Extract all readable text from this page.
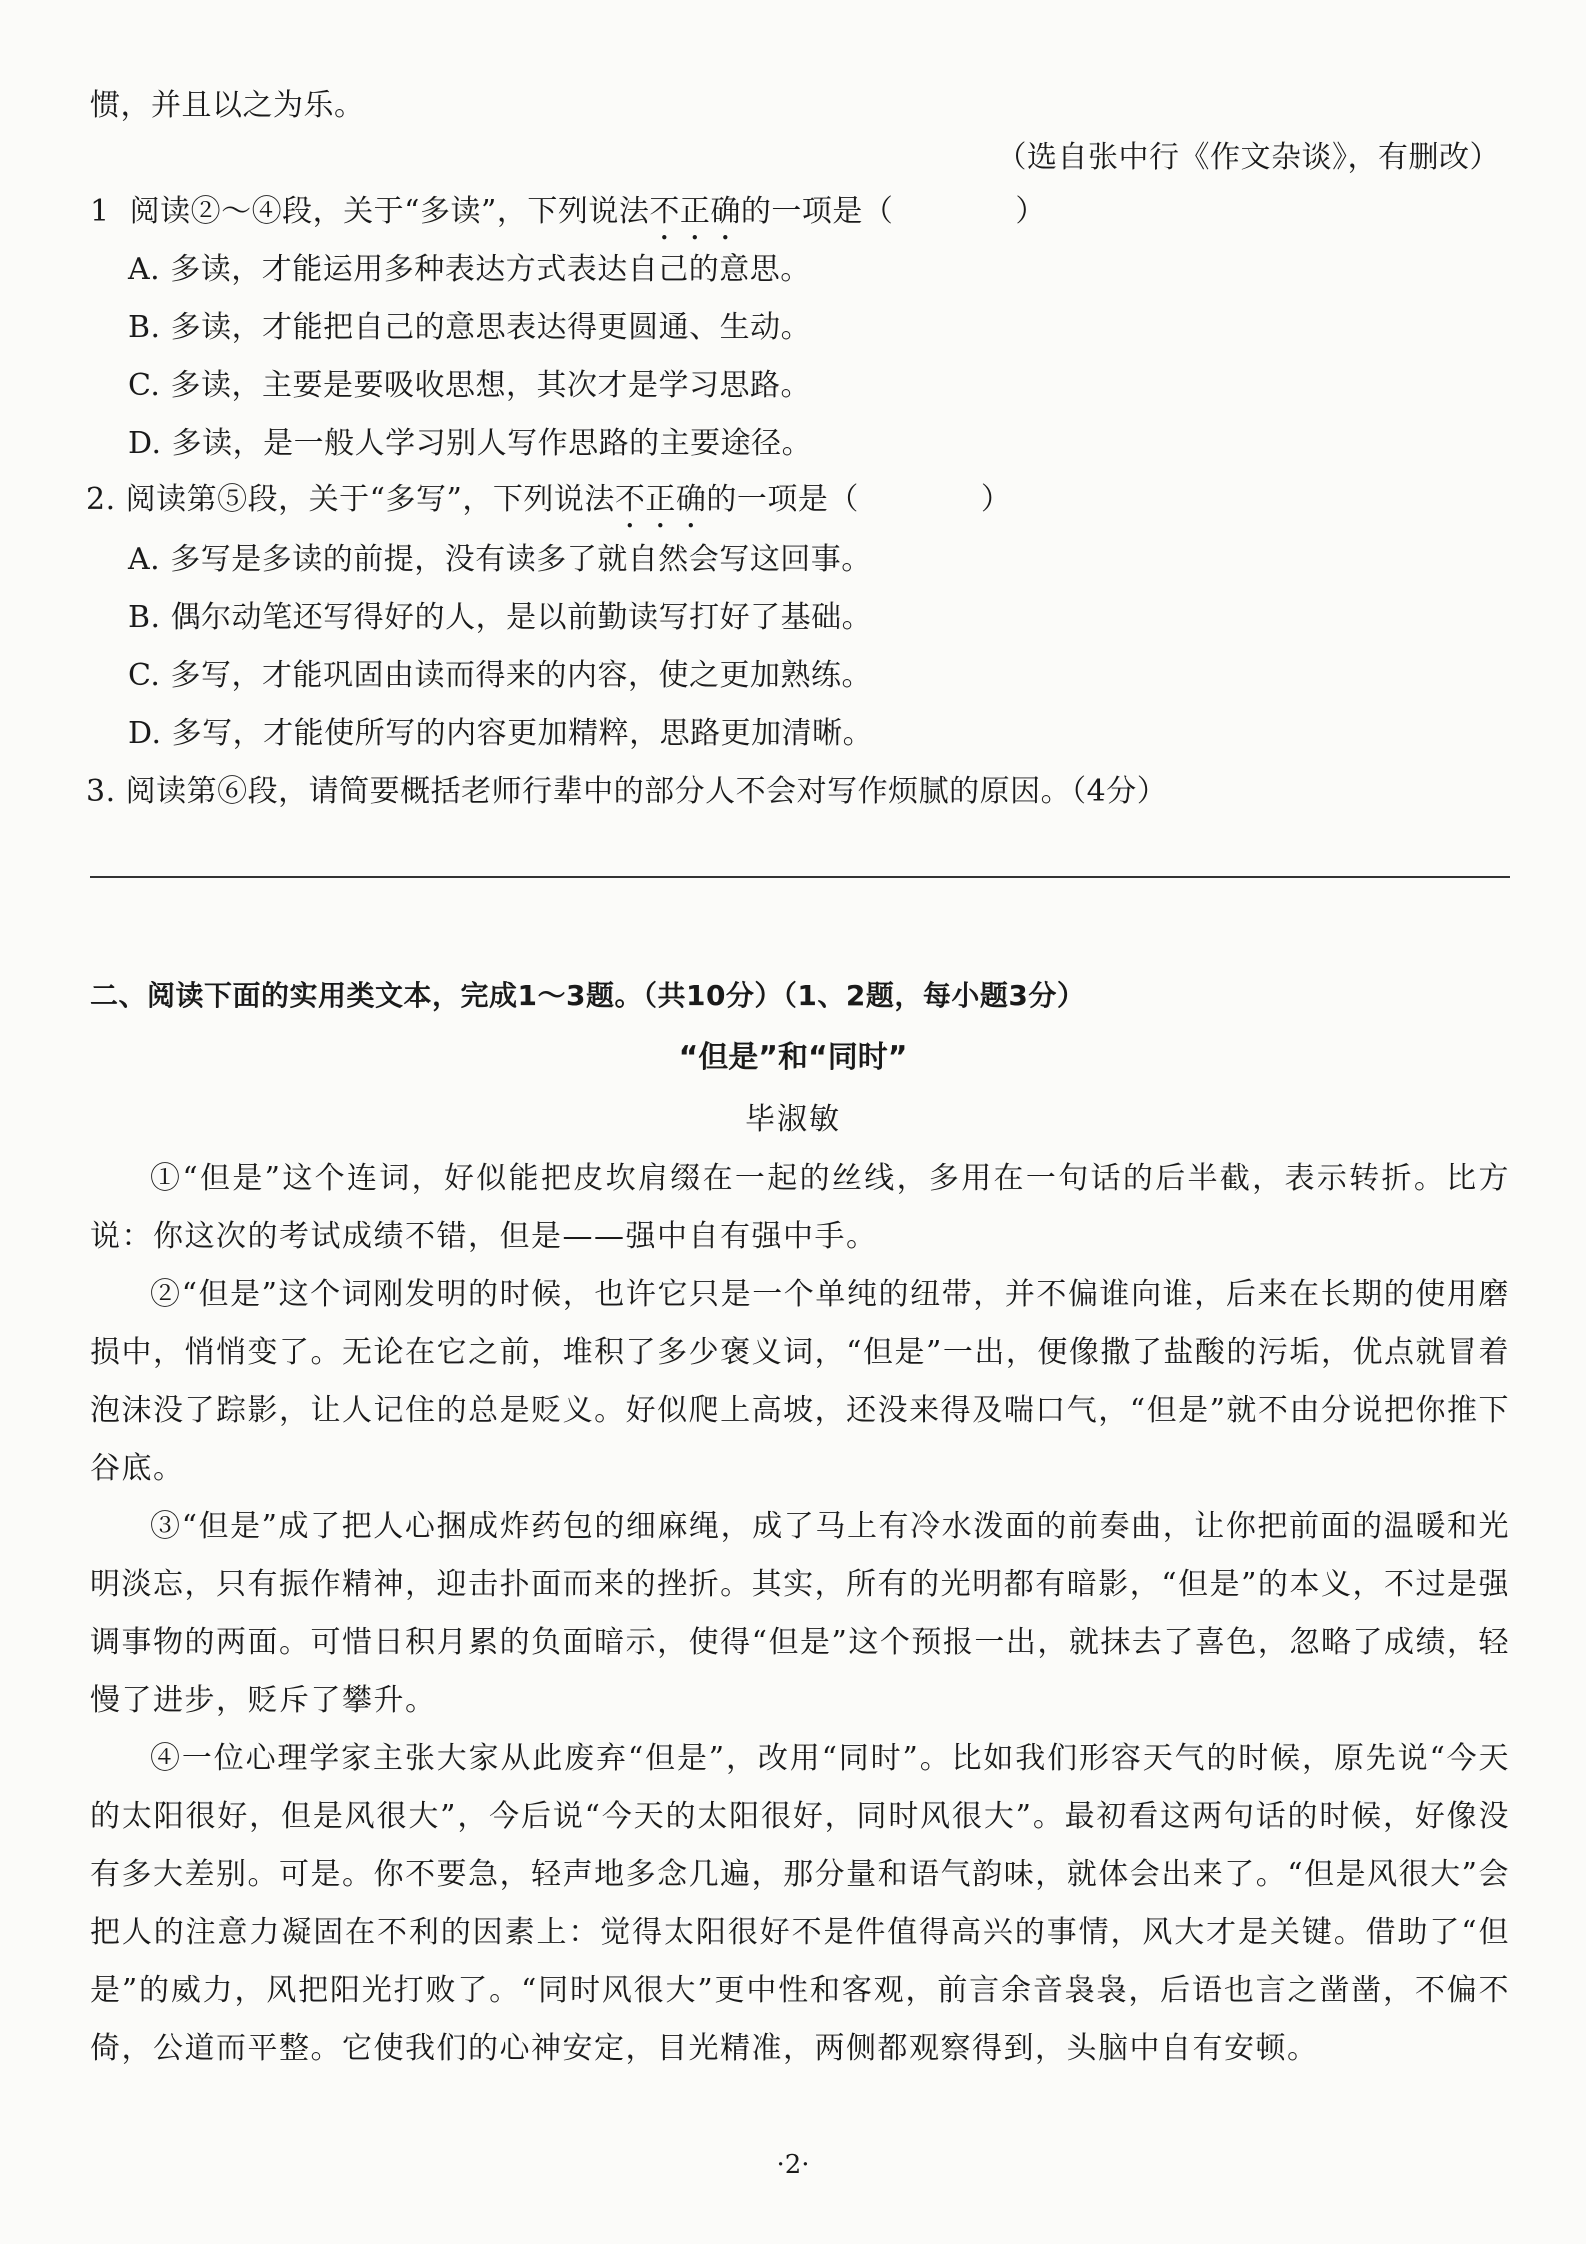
惯，并且以之为乐。
（选自张中行《作文杂谈》，有删改）
1 阅读②～④段，关于“多读”，下列说法不正确的一项是（　　　　）
A. 多读，才能运用多种表达方式表达自己的意思。
B. 多读，才能把自己的意思表达得更圆通、生动。
C. 多读，主要是要吸收思想，其次才是学习思路。
D. 多读，是一般人学习别人写作思路的主要途径。
2. 阅读第⑤段，关于“多写”，下列说法不正确的一项是（　　　　）
A. 多写是多读的前提，没有读多了就自然会写这回事。
B. 偶尔动笔还写得好的人，是以前勤读写打好了基础。
C. 多写，才能巩固由读而得来的内容，使之更加熟练。
D. 多写，才能使所写的内容更加精粹，思路更加清晰。
3. 阅读第⑥段，请简要概括老师行辈中的部分人不会对写作烦腻的原因。（4分）
二、阅读下面的实用类文本，完成1～3题。（共10分）（1、2题，每小题3分）
“但是”和“同时”
毕淑敏

①“但是”这个连词，好似能把皮坎肩缀在一起的丝线，多用在一句话的后半截，表示转折。比方说：你这次的考试成绩不错，但是——强中自有强中手。

②“但是”这个词刚发明的时候，也许它只是一个单纯的纽带，并不偏谁向谁，后来在长期的使用磨损中，悄悄变了。无论在它之前，堆积了多少褒义词，“但是”一出，便像撒了盐酸的污垢，优点就冒着泡沫没了踪影，让人记住的总是贬义。好似爬上高坡，还没来得及喘口气，“但是”就不由分说把你推下谷底。

③“但是”成了把人心捆成炸药包的细麻绳，成了马上有冷水泼面的前奏曲，让你把前面的温暖和光明淡忘，只有振作精神，迎击扑面而来的挫折。其实，所有的光明都有暗影，“但是”的本义，不过是强调事物的两面。可惜日积月累的负面暗示，使得“但是”这个预报一出，就抹去了喜色，忽略了成绩，轻慢了进步，贬斥了攀升。

④一位心理学家主张大家从此废弃“但是”，改用“同时”。比如我们形容天气的时候，原先说“今天的太阳很好，但是风很大”，今后说“今天的太阳很好，同时风很大”。最初看这两句话的时候，好像没有多大差别。可是。你不要急，轻声地多念几遍，那分量和语气韵味，就体会出来了。“但是风很大”会把人的注意力凝固在不利的因素上：觉得太阳很好不是件值得高兴的事情，风大才是关键。借助了“但是”的威力，风把阳光打败了。“同时风很大”更中性和客观，前言余音袅袅，后语也言之凿凿，不偏不倚，公道而平整。它使我们的心神安定，目光精准，两侧都观察得到，头脑中自有安顿。

·2·
